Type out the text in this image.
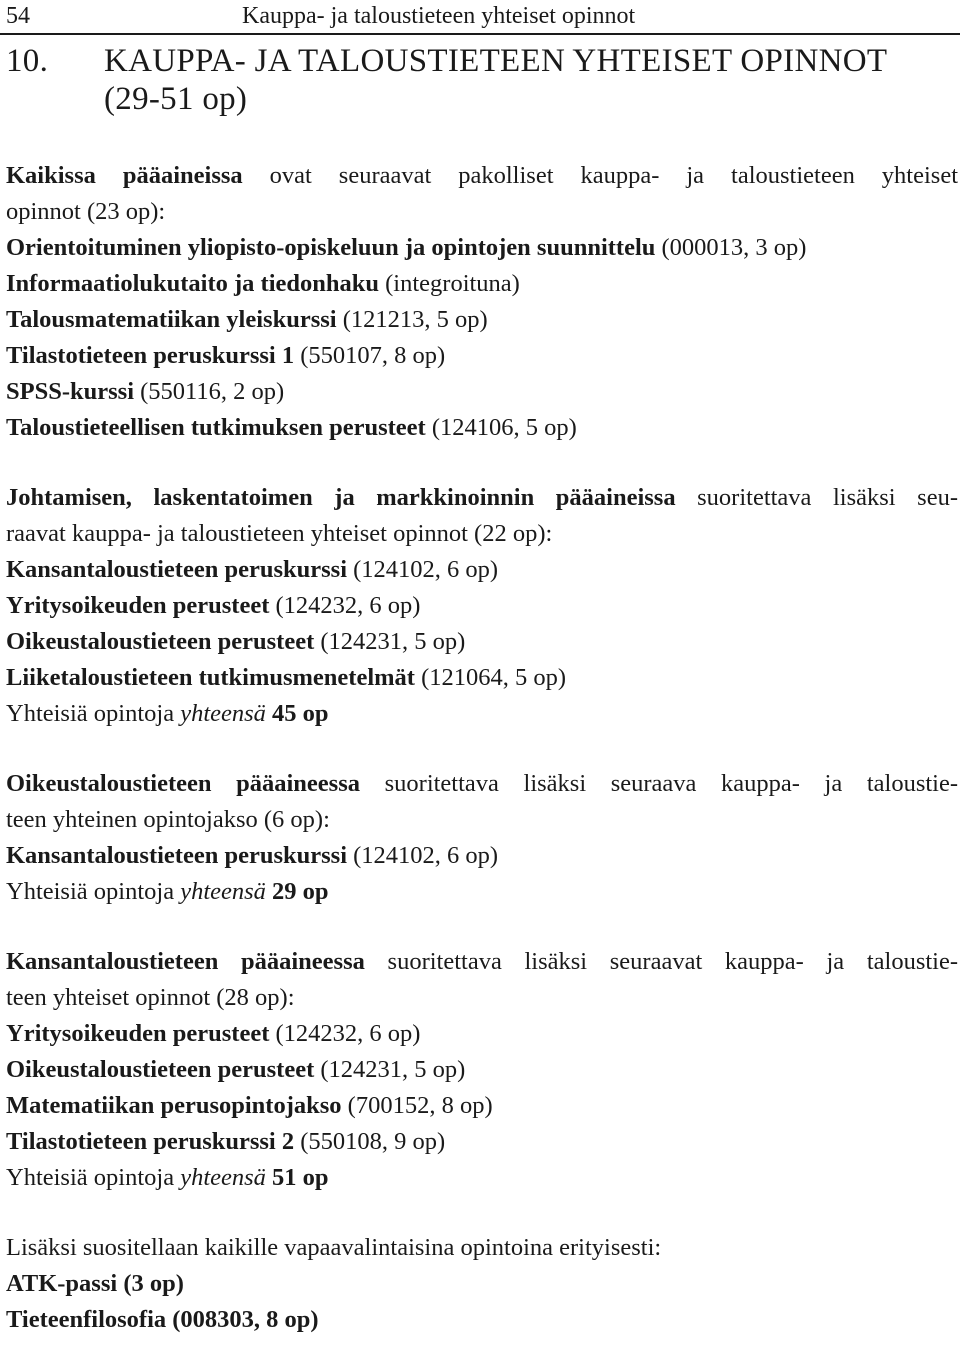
54	Kauppa- ja taloustieteen yhteiset opinnot
10. KAUPPA- JA TALOUSTIETEEN YHTEISET OPINNOT
(29-51 op)
Kaikissa pääaineissa ovat seuraavat pakolliset kauppa- ja taloustieteen yhteiset
opinnot (23 op):
Orientoituminen yliopisto-opiskeluun ja opintojen suunnittelu (000013, 3 op)
Informaatiolukutaito ja tiedonhaku (integroituna)
Talousmatematiikan yleiskurssi (121213, 5 op)
Tilastotieteen peruskurssi 1 (550107, 8 op)
SPSS-kurssi (550116, 2 op)
Taloustieteellisen tutkimuksen perusteet (124106, 5 op)
Johtamisen, laskentatoimen ja markkinoinnin pääaineissa suoritettava lisäksi seu-
raavat kauppa- ja taloustieteen yhteiset opinnot (22 op):
Kansantaloustieteen peruskurssi (124102, 6 op)
Yritysoikeuden perusteet (124232, 6 op)
Oikeustaloustieteen perusteet (124231, 5 op)
Liiketaloustieteen tutkimusmenetelmät (121064, 5 op)
Yhteisiä opintoja yhteensä 45 op
Oikeustaloustieteen pääaineessa suoritettava lisäksi seuraava kauppa- ja taloustie-
teen yhteinen opintojakso (6 op):
Kansantaloustieteen peruskurssi (124102, 6 op)
Yhteisiä opintoja yhteensä 29 op
Kansantaloustieteen pääaineessa suoritettava lisäksi seuraavat kauppa- ja taloustie-
teen yhteiset opinnot (28 op):
Yritysoikeuden perusteet (124232, 6 op)
Oikeustaloustieteen perusteet (124231, 5 op)
Matematiikan perusopintojakso (700152, 8 op)
Tilastotieteen peruskurssi 2 (550108, 9 op)
Yhteisiä opintoja yhteensä 51 op
Lisäksi suositellaan kaikille vapaavalintaisina opintoina erityisesti:
ATK-passi (3 op)
Tieteenfilosofia (008303, 8 op)
